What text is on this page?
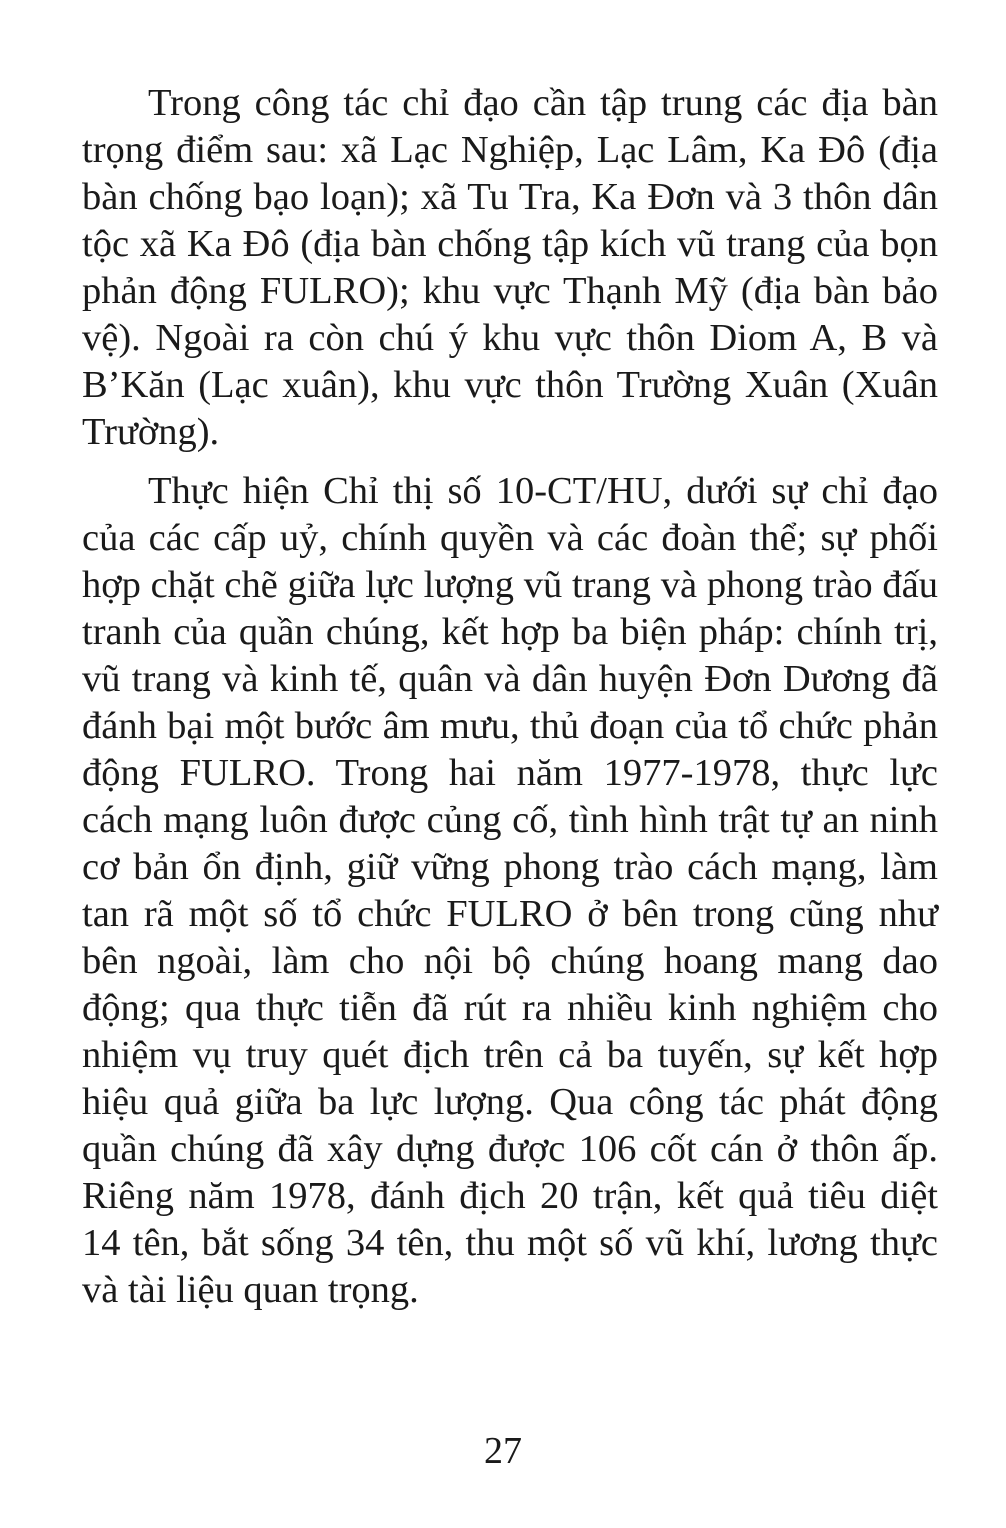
Trong công tác chỉ đạo cần tập trung các địa bàn trọng điểm sau: xã Lạc Nghiệp, Lạc Lâm, Ka Đô (địa bàn chống bạo loạn); xã Tu Tra, Ka Đơn và 3 thôn dân tộc xã Ka Đô (địa bàn chống tập kích vũ trang của bọn phản động FULRO); khu vực Thạnh Mỹ (địa bàn bảo vệ). Ngoài ra còn chú ý khu vực thôn Diom A, B và B’Kăn (Lạc xuân), khu vực thôn Trường Xuân (Xuân Trường).

Thực hiện Chỉ thị số 10-CT/HU, dưới sự chỉ đạo của các cấp uỷ, chính quyền và các đoàn thể; sự phối hợp chặt chẽ giữa lực lượng vũ trang và phong trào đấu tranh của quần chúng, kết hợp ba biện pháp: chính trị, vũ trang và kinh tế, quân và dân huyện Đơn Dương đã đánh bại một bước âm mưu, thủ đoạn của tổ chức phản động FULRO. Trong hai năm 1977-1978, thực lực cách mạng luôn được củng cố, tình hình trật tự an ninh cơ bản ổn định, giữ vững phong trào cách mạng, làm tan rã một số tổ chức FULRO ở bên trong cũng như bên ngoài, làm cho nội bộ chúng hoang mang dao động; qua thực tiễn đã rút ra nhiều kinh nghiệm cho nhiệm vụ truy quét địch trên cả ba tuyến, sự kết hợp hiệu quả giữa ba lực lượng. Qua công tác phát động quần chúng đã xây dựng được 106 cốt cán ở thôn ấp. Riêng năm 1978, đánh địch 20 trận, kết quả tiêu diệt 14 tên, bắt sống 34 tên, thu một số vũ khí, lương thực và tài liệu quan trọng.

27
